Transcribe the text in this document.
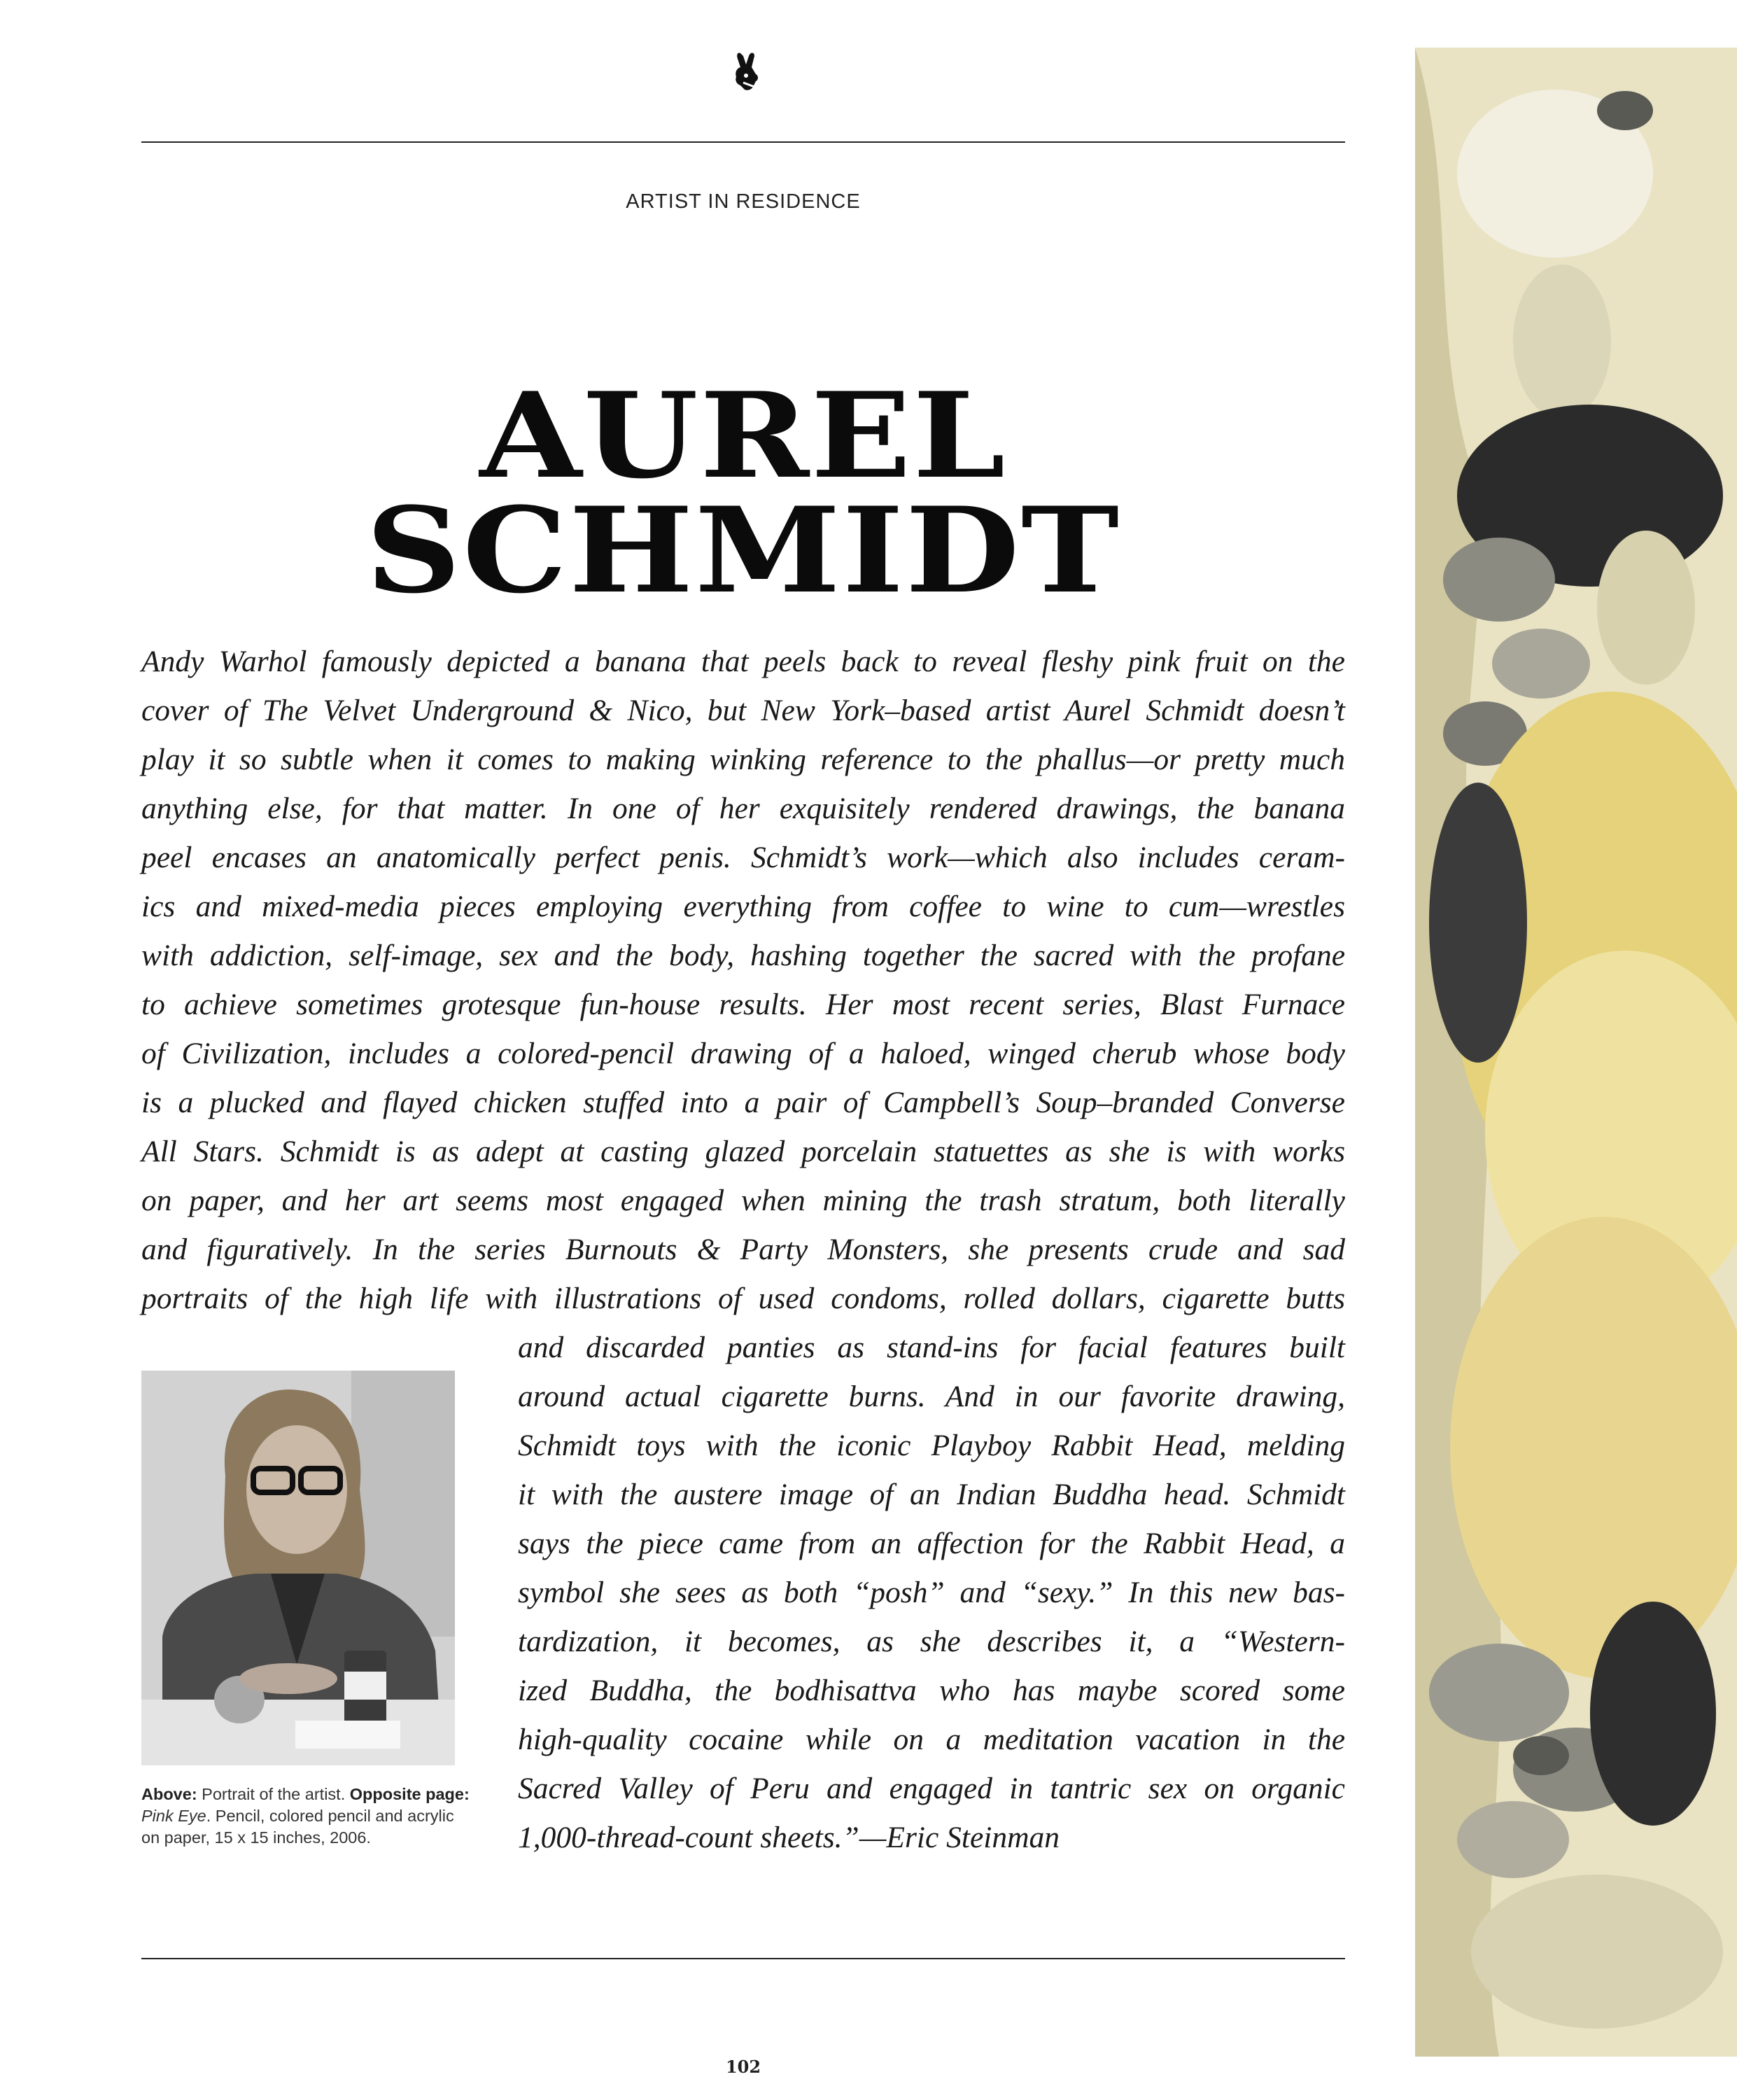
ARTIST IN RESIDENCE
AUREL
SCHMIDT
Andy Warhol famously depicted a banana that peels back to reveal fleshy pink fruit on the
cover of The Velvet Underground & Nico, but New York–based artist Aurel Schmidt doesn’t
play it so subtle when it comes to making winking reference to the phallus—or pretty much
anything else, for that matter. In one of her exquisitely rendered drawings, the banana
peel encases an anatomically perfect penis. Schmidt’s work—which also includes ceram-
ics and mixed-media pieces employing everything from coffee to wine to cum—wrestles
with addiction, self-image, sex and the body, hashing together the sacred with the profane
to achieve sometimes grotesque fun-house results. Her most recent series, Blast Furnace
of Civilization, includes a colored-pencil drawing of a haloed, winged cherub whose body
is a plucked and flayed chicken stuffed into a pair of Campbell’s Soup–branded Converse
All Stars. Schmidt is as adept at casting glazed porcelain statuettes as she is with works
on paper, and her art seems most engaged when mining the trash stratum, both literally
and figuratively. In the series Burnouts & Party Monsters, she presents crude and sad
portraits of the high life with illustrations of used condoms, rolled dollars, cigarette butts
and discarded panties as stand-ins for facial features built
around actual cigarette burns. And in our favorite drawing,
Schmidt toys with the iconic Playboy Rabbit Head, melding
it with the austere image of an Indian Buddha head. Schmidt
says the piece came from an affection for the Rabbit Head, a
symbol she sees as both “posh” and “sexy.” In this new bas-
tardization, it becomes, as she describes it, a “Western-
ized Buddha, the bodhisattva who has maybe scored some
high-quality cocaine while on a meditation vacation in the
Sacred Valley of Peru and engaged in tantric sex on organic
1,000-thread-count sheets.”—Eric Steinman
Above: Portrait of the artist. Opposite page: Pink Eye. Pencil, colored pencil and acrylic on paper, 15 x 15 inches, 2006.
102
